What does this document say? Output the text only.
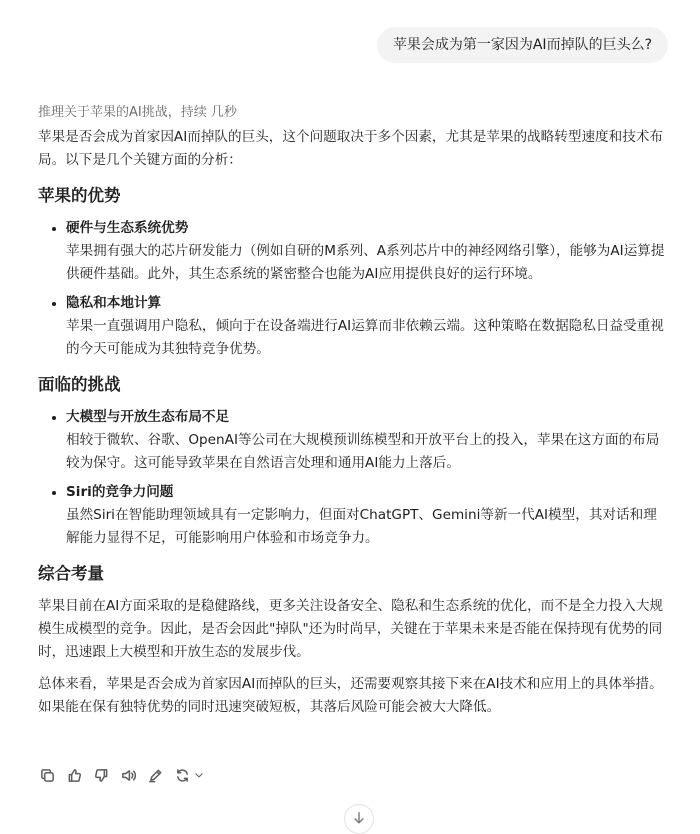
苹果会成为第一家因为AI而掉队的巨头么?
推理关于苹果的AI挑战，持续 几秒

苹果是否会成为首家因AI而掉队的巨头，这个问题取决于多个因素，尤其是苹果的战略转型速度和技术布局。以下是几个关键方面的分析：

苹果的优势
• 硬件与生态系统优势
苹果拥有强大的芯片研发能力（例如自研的M系列、A系列芯片中的神经网络引擎），能够为AI运算提供硬件基础。此外，其生态系统的紧密整合也能为AI应用提供良好的运行环境。
• 隐私和本地计算
苹果一直强调用户隐私，倾向于在设备端进行AI运算而非依赖云端。这种策略在数据隐私日益受重视的今天可能成为其独特竞争优势。
面临的挑战
• 大模型与开放生态布局不足
相较于微软、谷歌、OpenAI等公司在大规模预训练模型和开放平台上的投入，苹果在这方面的布局较为保守。这可能导致苹果在自然语言处理和通用AI能力上落后。
• Siri的竞争力问题
虽然Siri在智能助理领域具有一定影响力，但面对ChatGPT、Gemini等新一代AI模型，其对话和理解能力显得不足，可能影响用户体验和市场竞争力。
综合考量

苹果目前在AI方面采取的是稳健路线，更多关注设备安全、隐私和生态系统的优化，而不是全力投入大规模生成模型的竞争。因此，是否会因此"掉队"还为时尚早，关键在于苹果未来是否能在保持现有优势的同时，迅速跟上大模型和开放生态的发展步伐。

总体来看，苹果是否会成为首家因AI而掉队的巨头，还需要观察其接下来在AI技术和应用上的具体举措。如果能在保有独特优势的同时迅速突破短板，其落后风险可能会被大大降低。
